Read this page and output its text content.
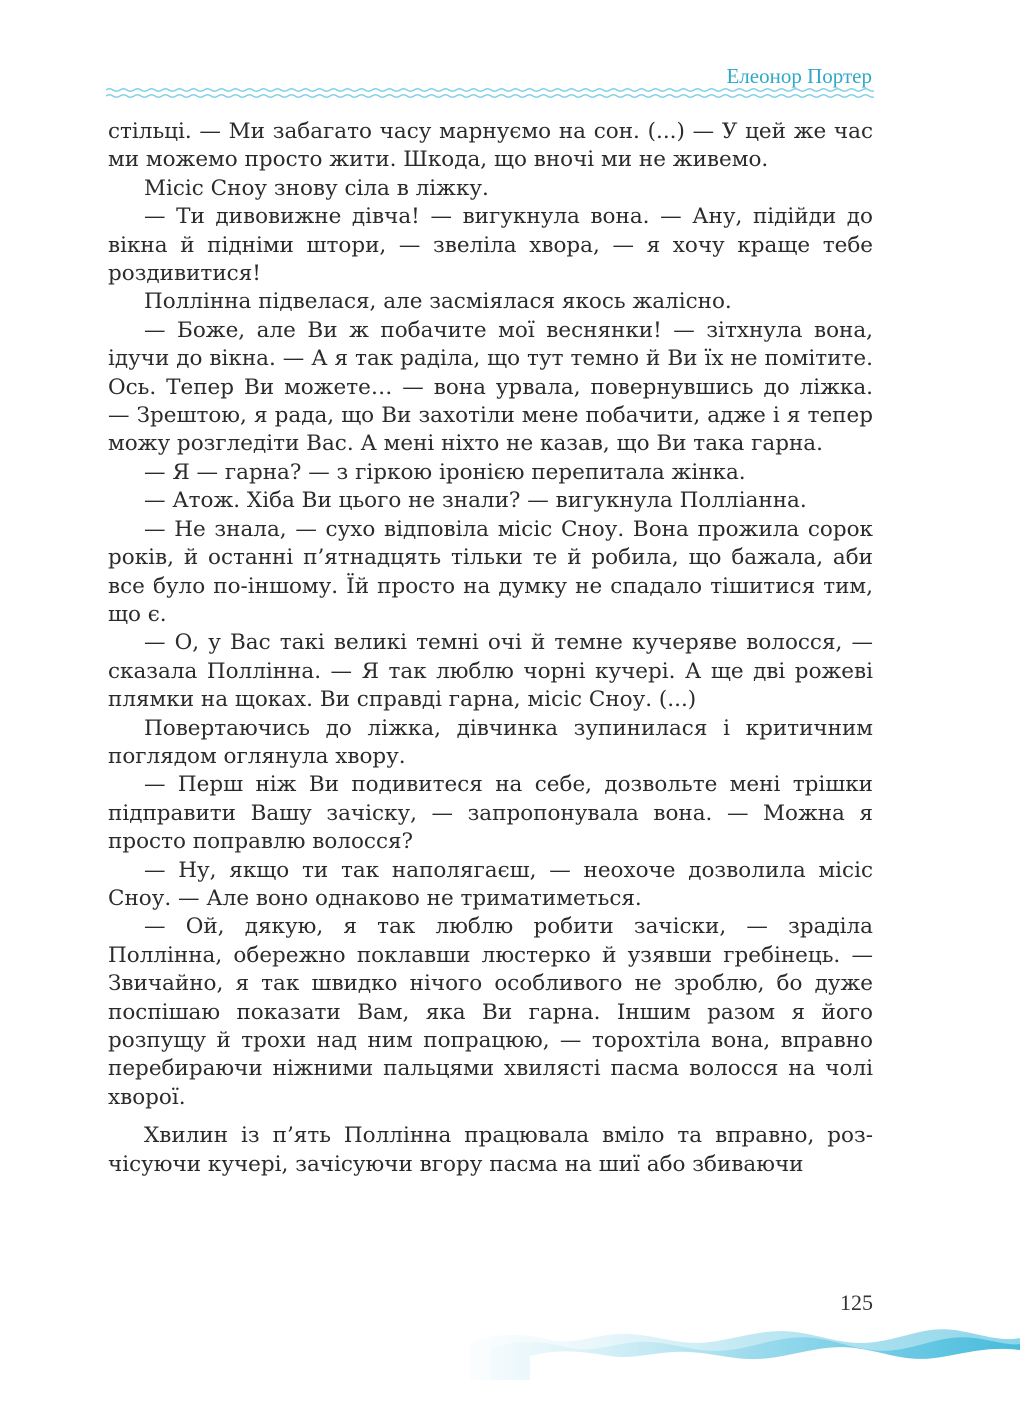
Елеонор Портер

стільці. — Ми забагато часу марнуємо на сон. (...) — У цей же час ми можемо просто жити. Шкода, що вночі ми не живемо.

Місіс Сноу знову сіла в ліжку.

— Ти дивовижне дівча! — вигукнула вона. — Ану, підійди до вікна й підніми штори, — звеліла хвора, — я хочу краще тебе роздивитися!

Поллінна підвелася, але засміялася якось жалісно.

— Боже, але Ви ж побачите мої веснянки! — зітхнула вона, ідучи до вікна. — А я так раділа, що тут темно й Ви їх не помітите. Ось. Тепер Ви можете… — вона урвала, повернувшись до ліжка. — Зрештою, я рада, що Ви захотіли мене побачити, адже і я тепер можу розгледіти Вас. А мені ніхто не казав, що Ви така гарна.

— Я — гарна? — з гіркою іронією перепитала жінка.

— Атож. Хіба Ви цього не знали? — вигукнула Полліанна.

— Не знала, — сухо відповіла місіс Сноу. Вона прожила сорок років, й останні п’ятнадцять тільки те й робила, що бажала, аби все було по-іншому. Їй просто на думку не спадало тішитися тим, що є.

— О, у Вас такі великі темні очі й темне кучеряве волосся, — сказала Поллінна. — Я так люблю чорні кучері. А ще дві рожеві плямки на щоках. Ви справді гарна, місіс Сноу. (...)

Повертаючись до ліжка, дівчинка зупинилася і критичним поглядом оглянула хвору.

— Перш ніж Ви подивитеся на себе, дозвольте мені трішки підправити Вашу зачіску, — запропонувала вона. — Можна я просто поправлю волосся?

— Ну, якщо ти так наполягаєш, — неохоче дозволила місіс Сноу. — Але воно однаково не триматиметься.

— Ой, дякую, я так люблю робити зачіски, — зраділа Поллінна, обережно поклавши люстерко й узявши гребінець. — Звичайно, я так швидко нічого особливого не зроблю, бо дуже поспішаю показати Вам, яка Ви гарна. Іншим разом я його розпущу й трохи над ним попрацюю, — торохтіла вона, вправно перебираючи ніжними пальцями хвилясті пасма волосся на чолі хворої.

Хвилин із п’ять Поллінна працювала вміло та вправно, розчісуючи кучері, зачісуючи вгору пасма на шиї або збиваючи

125
